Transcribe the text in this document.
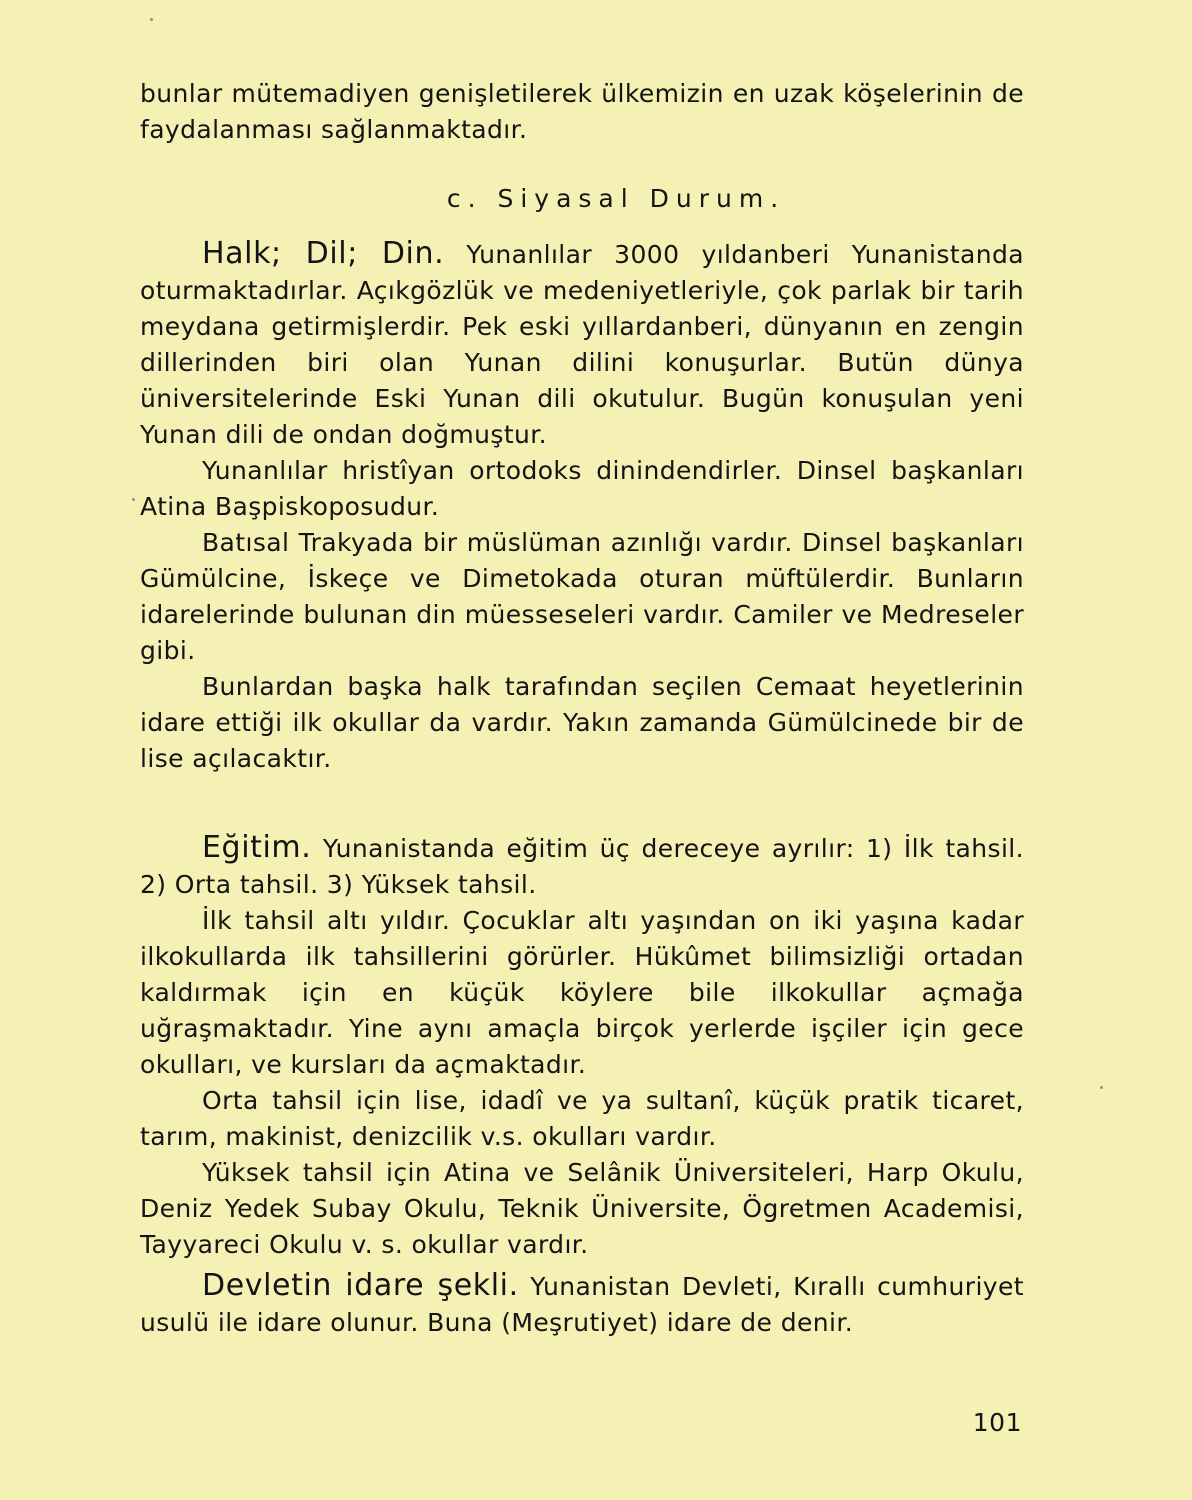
bunlar mütemadiyen genişletilerek ülkemizin en uzak köşelerinin de faydalanması sağlanmaktadır.

c. Siyasal Durum.

Halk; Dil; Din. Yunanlılar 3000 yıldanberi Yunanistanda oturmaktadırlar. Açıkgözlük ve medeniyetleriyle, çok parlak bir tarih meydana getirmişlerdir. Pek eski yıllardanberi, dünyanın en zengin dillerinden biri olan Yunan dilini konuşurlar. Butün dünya üniversitelerinde Eski Yunan dili okutulur. Bugün konuşulan yeni Yunan dili de ondan doğmuştur.

Yunanlılar hristîyan ortodoks dinindendirler. Dinsel başkanları Atina Başpiskoposudur.

Batısal Trakyada bir müslüman azınlığı vardır. Dinsel başkanları Gümülcine, İskeçe ve Dimetokada oturan müftülerdir. Bunların idarelerinde bulunan din müesseseleri vardır. Camiler ve Medreseler gibi.

Bunlardan başka halk tarafından seçilen Cemaat heyetlerinin idare ettiği ilk okullar da vardır. Yakın zamanda Gümülcinede bir de lise açılacaktır.

Eğitim. Yunanistanda eğitim üç dereceye ayrılır: 1) İlk tahsil. 2) Orta tahsil. 3) Yüksek tahsil.

İlk tahsil altı yıldır. Çocuklar altı yaşından on iki yaşına kadar ilkokullarda ilk tahsillerini görürler. Hükûmet bilimsizliği ortadan kaldırmak için en küçük köylere bile ilkokullar açmağa uğraşmaktadır. Yine aynı amaçla birçok yerlerde işçiler için gece okulları, ve kursları da açmaktadır.

Orta tahsil için lise, idadî ve ya sultanî, küçük pratik ticaret, tarım, makinist, denizcilik v.s. okulları vardır.

Yüksek tahsil için Atina ve Selânik Üniversiteleri, Harp Okulu, Deniz Yedek Subay Okulu, Teknik Üniversite, Ögretmen Academisi, Tayyareci Okulu v. s. okullar vardır.

Devletin idare şekli. Yunanistan Devleti, Kırallı cumhuriyet usulü ile idare olunur. Buna (Meşrutiyet) idare de denir.

101
